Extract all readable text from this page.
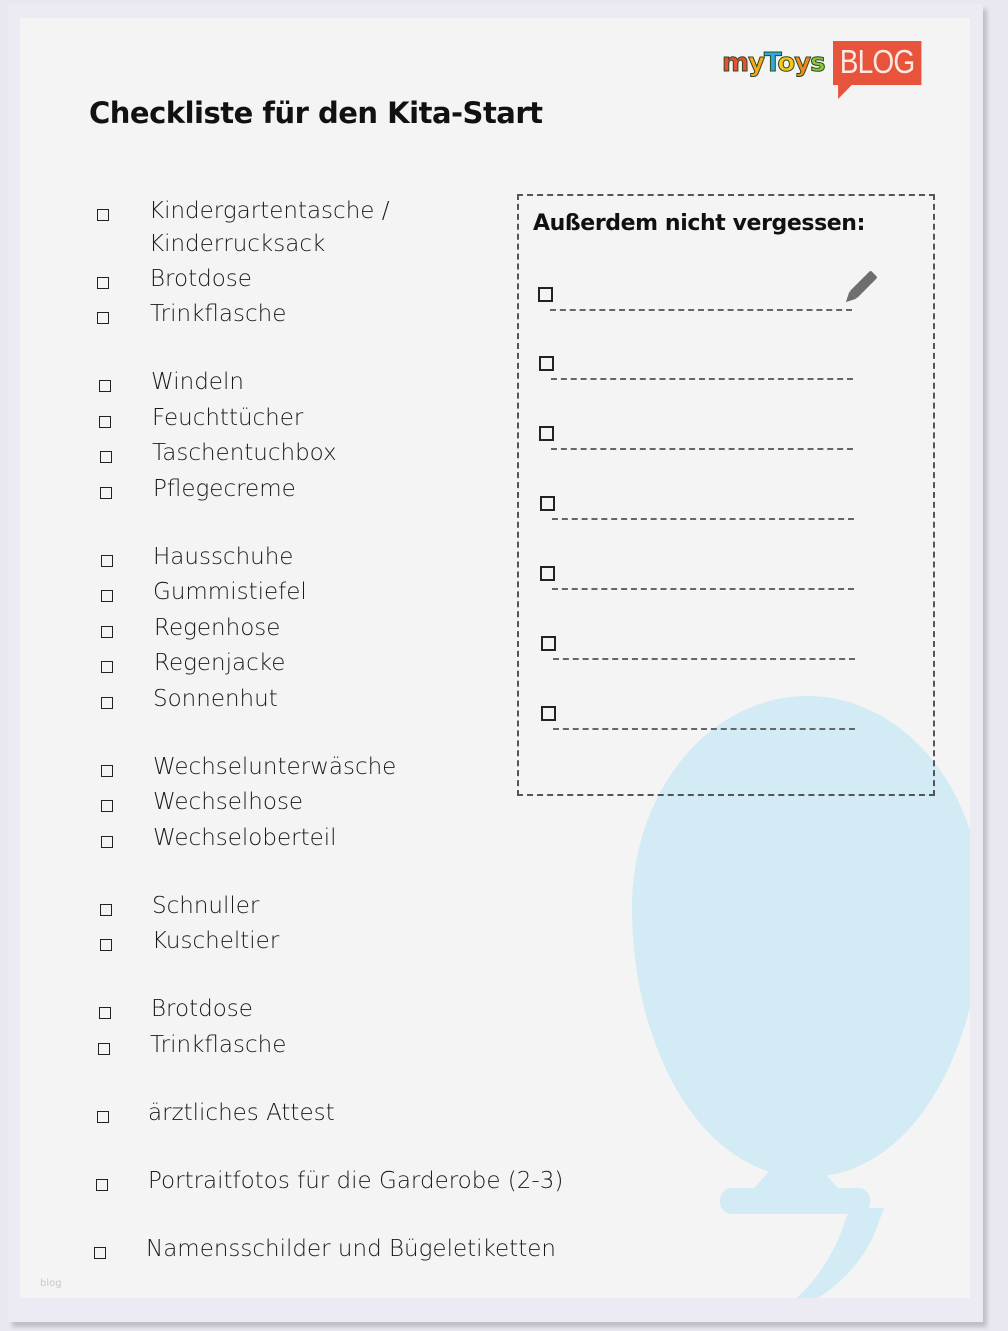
myToys BLOG
Checkliste für den Kita-Start
Kindergartentasche /
Kinderrucksack
Brotdose
Trinkflasche
Windeln
Feuchttücher
Taschentuchbox
Pflegecreme
Hausschuhe
Gummistiefel
Regenhose
Regenjacke
Sonnenhut
Wechselunterwäsche
Wechselhose
Wechseloberteil
Schnuller
Kuscheltier
Brotdose
Trinkflasche
ärztliches Attest
Portraitfotos für die Garderobe (2-3)
Namensschilder und Bügeletiketten
Außerdem nicht vergessen:
blog
